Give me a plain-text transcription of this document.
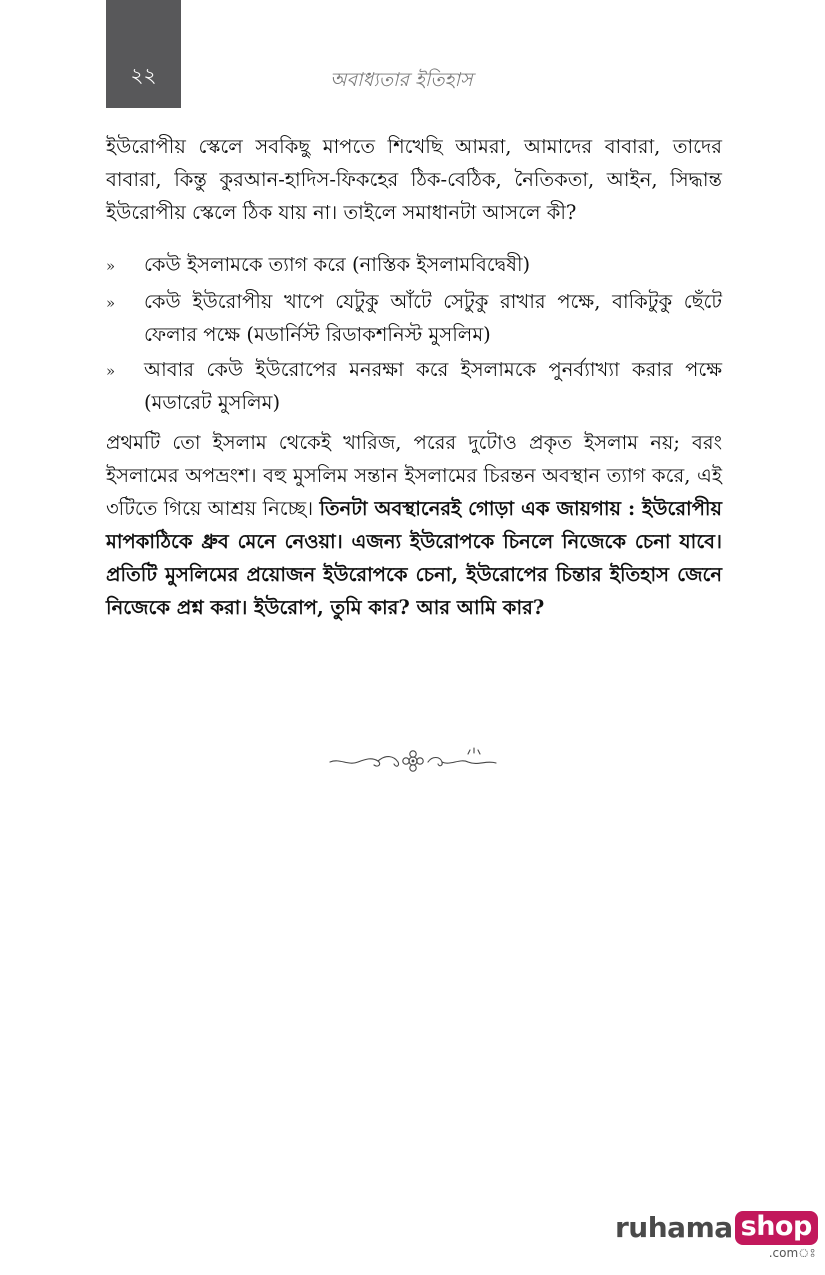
২২	অবাধ্যতার ইতিহাস

ইউরোপীয় স্কেলে সবকিছু মাপতে শিখেছি আমরা, আমাদের বাবারা, তাদের বাবারা, কিন্তু কুরআন-হাদিস-ফিকহের ঠিক-বেঠিক, নৈতিকতা, আইন, সিদ্ধান্ত ইউরোপীয় স্কেলে ঠিক যায় না। তাইলে সমাধানটা আসলে কী?

»	কেউ ইসলামকে ত্যাগ করে (নাস্তিক ইসলামবিদ্বেষী)
»	কেউ ইউরোপীয় খাপে যেটুকু আঁটে সেটুকু রাখার পক্ষে, বাকিটুকু ছেঁটে ফেলার পক্ষে (মডার্নিস্ট রিডাকশনিস্ট মুসলিম)
»	আবার কেউ ইউরোপের মনরক্ষা করে ইসলামকে পুনর্ব্যাখ্যা করার পক্ষে (মডারেট মুসলিম)

প্রথমটি তো ইসলাম থেকেই খারিজ, পরের দুটোও প্রকৃত ইসলাম নয়; বরং ইসলামের অপভ্রংশ। বহু মুসলিম সন্তান ইসলামের চিরন্তন অবস্থান ত্যাগ করে, এই ৩টিতে গিয়ে আশ্রয় নিচ্ছে। তিনটা অবস্থানেরই গোড়া এক জায়গায় : ইউরোপীয় মাপকাঠিকে ধ্রুব মেনে নেওয়া। এজন্য ইউরোপকে চিনলে নিজেকে চেনা যাবে। প্রতিটি মুসলিমের প্রয়োজন ইউরোপকে চেনা, ইউরোপের চিন্তার ইতিহাস জেনে নিজেকে প্রশ্ন করা। ইউরোপ, তুমি কার? আর আমি কার?

ruhama shop
.comঃ
